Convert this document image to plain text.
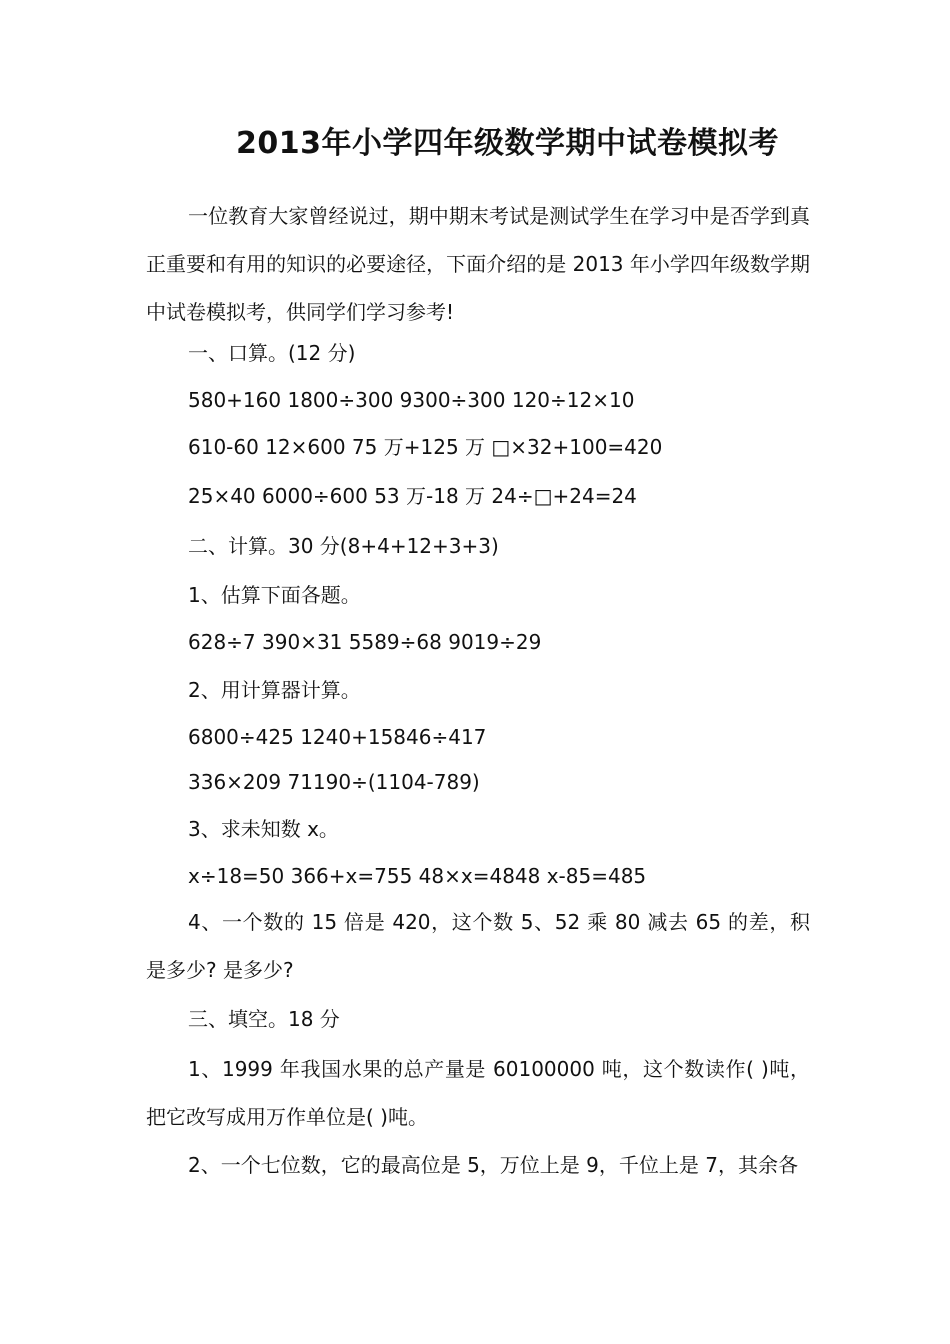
2013年小学四年级数学期中试卷模拟考

一位教育大家曾经说过，期中期末考试是测试学生在学习中是否学到真正重要和有用的知识的必要途径，下面介绍的是 2013 年小学四年级数学期中试卷模拟考，供同学们学习参考!

一、口算。(12 分)

580+160 1800÷300 9300÷300 120÷12×10

610-60 12×600 75 万+125 万 □×32+100=420

25×40 6000÷600 53 万-18 万 24÷□+24=24

二、计算。30 分(8+4+12+3+3)

1、估算下面各题。

628÷7 390×31 5589÷68 9019÷29

2、用计算器计算。

6800÷425 1240+15846÷417

336×209 71190÷(1104-789)

3、求未知数 x。

x÷18=50 366+x=755 48×x=4848 x-85=485

4、一个数的 15 倍是 420，这个数 5、52 乘 80 减去 65 的差，积是多少? 是多少?

三、填空。18 分

1、1999 年我国水果的总产量是 60100000 吨，这个数读作( )吨，把它改写成用万作单位是( )吨。

2、一个七位数，它的最高位是 5，万位上是 9，千位上是 7，其余各
